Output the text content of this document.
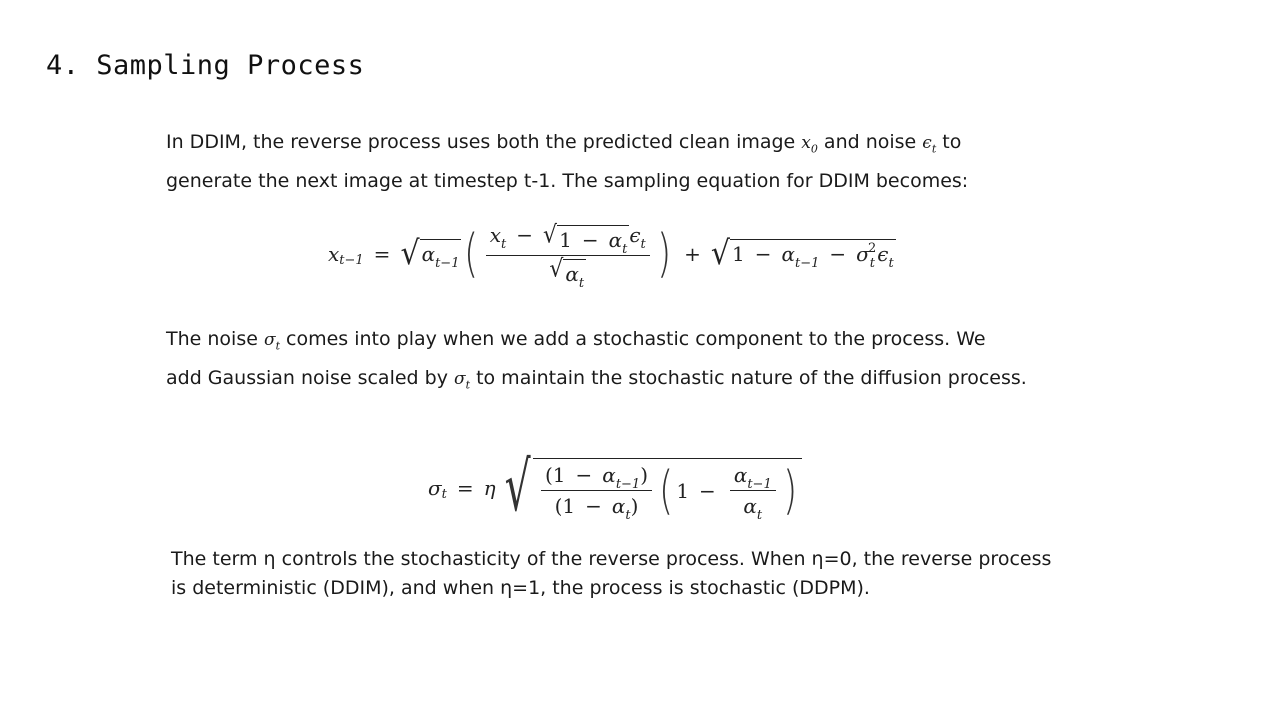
4. Sampling Process
In DDIM, the reverse process uses both the predicted clean image $x_0$ and noise $\epsilon_t$ to
generate the next image at timestep t-1. The sampling equation for DDIM becomes:
x t−1 = √ α t−1 ( x t − √ 1 − α t
ϵ t
√ α t ) + √ 1 − α t−1 − σ t
2 ϵ t
The noise $\sigma_t$ comes into play when we add a stochastic component to the process. We
add Gaussian noise scaled by $\sigma_t$ to maintain the stochastic nature of the diffusion process.
σ t = η √ $\frac{\text{( 1 − α t−1 )}}{\text{( 1 − α t )}}$ ( $1 - \frac{\text{α t−1}}{\text{α t}}$ )
The term η controls the stochasticity of the reverse process. When η=0, the reverse process
is deterministic (DDIM), and when η=1, the process is stochastic (DDPM).
